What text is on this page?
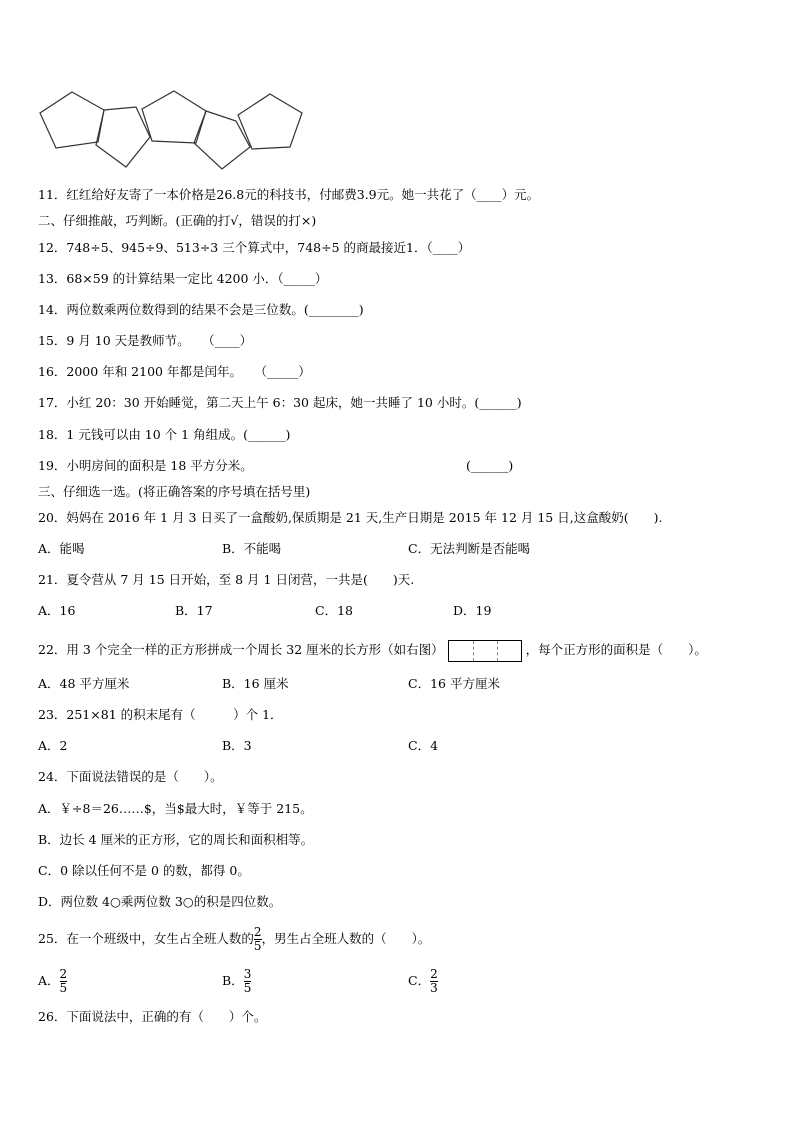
11．红红给好友寄了一本价格是26.8元的科技书，付邮费3.9元。她一共花了（____）元。
二、仔细推敲，巧判断。(正确的打√，错误的打×)
12．748÷5、945÷9、513÷3 三个算式中，748÷5 的商最接近1．（____）
13．68×59 的计算结果一定比 4200 小．（_____）
14．两位数乘两位数得到的结果不会是三位数。(________)
15．9 月 10 天是教师节。　　（____）
16．2000 年和 2100 年都是闰年。　　（_____）
17．小红 20：30 开始睡觉，第二天上午 6：30 起床，她一共睡了 10 小时。(______)
18．1 元钱可以由 10 个 1 角组成。(______)
19．小明房间的面积是 18 平方分米。	(______)
三、仔细选一选。(将正确答案的序号填在括号里)
20．妈妈在 2016 年 1 月 3 日买了一盒酸奶,保质期是 21 天,生产日期是 2015 年 12 月 15 日,这盒酸奶(　　).
A．能喝	B．不能喝	C．无法判断是否能喝
21．夏令营从 7 月 15 日开始，至 8 月 1 日闭营，一共是(　　)天.
A．16	B．17	C．18	D．19
22．用 3 个完全一样的正方形拼成一个周长 32 厘米的长方形（如右图）	，每个正方形的面积是（　　）。
A．48 平方厘米	B．16 厘米	C．16 平方厘米
23．251×81 的积末尾有（　　　）个 1．
A．2	B．3	C．4
24．下面说法错误的是（　　）。
A．￥÷8＝26……$，当$最大时，￥等于 215。
B．边长 4 厘米的正方形，它的周长和面积相等。
C．0 除以任何不是 0 的数，都得 0。
D．两位数 4○乘两位数 3○的积是四位数。
25．在一个班级中，女生占全班人数的 $\frac{2}{5}$ ，男生占全班人数的（　　）。
A． $\frac{2}{5}$	B． $\frac{3}{5}$	C． $\frac{2}{3}$
26．下面说法中，正确的有（　　）个。
